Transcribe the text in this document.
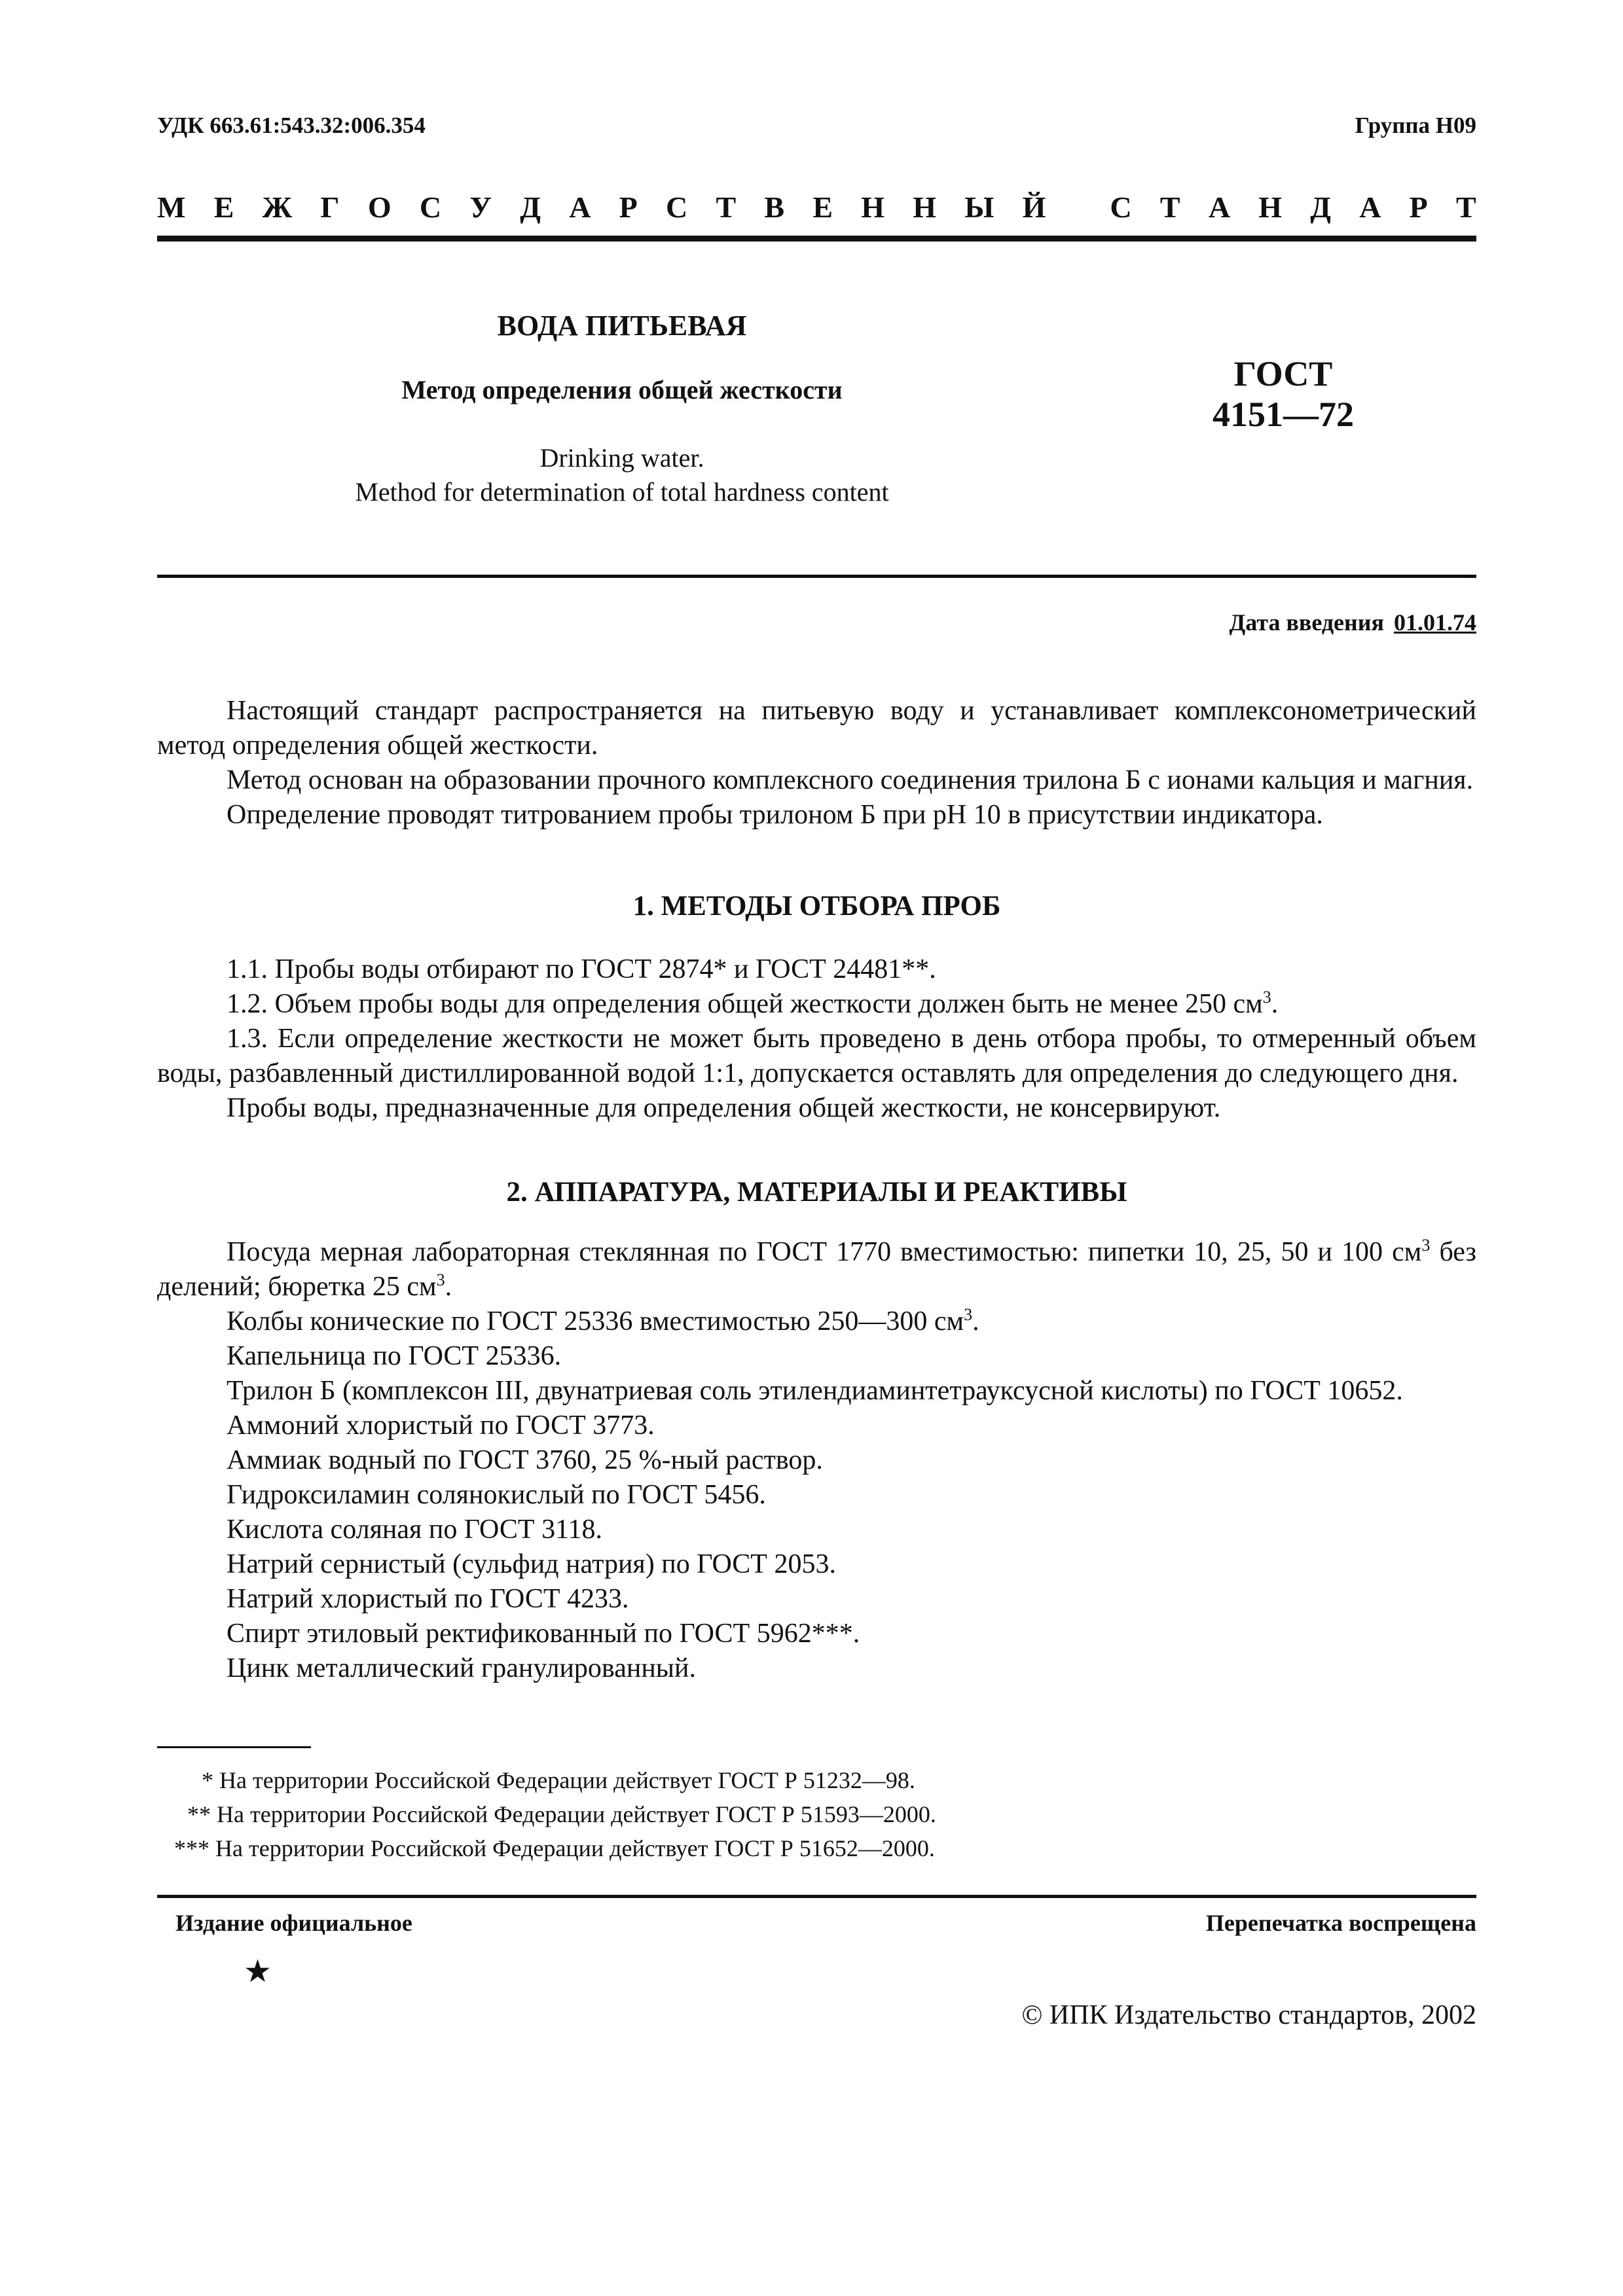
УДК 663.61:543.32:006.354	Группа Н09
М Е Ж Г О С У Д А Р С Т В Е Н Н Ы Й
С Т А Н Д А Р Т
ВОДА ПИТЬЕВАЯ
Метод определения общей жесткости
Drinking water.
Method for determination of total hardness content
ГОСТ
4151—72
Дата введения 01.01.74

Настоящий стандарт распространяется на питьевую воду и устанавливает комплексонометрический метод определения общей жесткости.

Метод основан на образовании прочного комплексного соединения трилона Б с ионами кальция и магния.

Определение проводят титрованием пробы трилоном Б при рН 10 в присутствии индикатора.

1. МЕТОДЫ ОТБОРА ПРОБ

1.1. Пробы воды отбирают по ГОСТ 2874* и ГОСТ 24481**.

1.2. Объем пробы воды для определения общей жесткости должен быть не менее 250 $см^3$.

1.3. Если определение жесткости не может быть проведено в день отбора пробы, то отмеренный объем воды, разбавленный дистиллированной водой 1:1, допускается оставлять для определения до следующего дня.

Пробы воды, предназначенные для определения общей жесткости, не консервируют.

2. АППАРАТУРА, МАТЕРИАЛЫ И РЕАКТИВЫ

Посуда мерная лабораторная стеклянная по ГОСТ 1770 вместимостью: пипетки 10, 25, 50 и 100 $см^3$ без делений; бюретка 25 $см^3$.

Колбы конические по ГОСТ 25336 вместимостью 250—300 $см^3$.

Капельница по ГОСТ 25336.

Трилон Б (комплексон III, двунатриевая соль этилендиаминтетрауксусной кислоты) по ГОСТ 10652.

Аммоний хлористый по ГОСТ 3773.

Аммиак водный по ГОСТ 3760, 25 %-ный раствор.

Гидроксиламин солянокислый по ГОСТ 5456.

Кислота соляная по ГОСТ 3118.

Натрий сернистый (сульфид натрия) по ГОСТ 2053.

Натрий хлористый по ГОСТ 4233.

Спирт этиловый ректификованный по ГОСТ 5962***.

Цинк металлический гранулированный.

* На территории Российской Федерации действует ГОСТ Р 51232—98.

** На территории Российской Федерации действует ГОСТ Р 51593—2000.

*** На территории Российской Федерации действует ГОСТ Р 51652—2000.

Издание официальное	Перепечатка воспрещена
★
© ИПК Издательство стандартов, 2002
